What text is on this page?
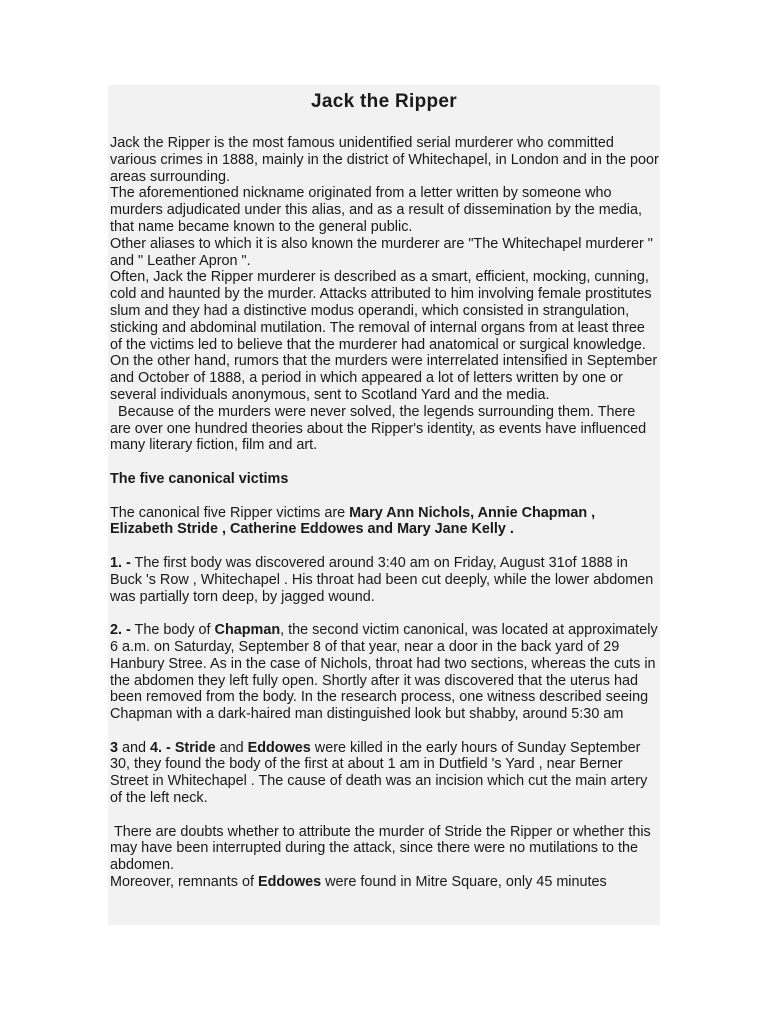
Jack the Ripper

Jack the Ripper is the most famous unidentified serial murderer who committed various crimes in 1888, mainly in the district of Whitechapel, in London and in the poor areas surrounding.

The aforementioned nickname originated from a letter written by someone who murders adjudicated under this alias, and as a result of dissemination by the media, that name became known to the general public.

Other aliases to which it is also known the murderer are "The Whitechapel murderer " and " Leather Apron ".

Often, Jack the Ripper murderer is described as a smart, efficient, mocking, cunning, cold and haunted by the murder. Attacks attributed to him involving female prostitutes slum and they had a distinctive modus operandi, which consisted in strangulation, sticking and abdominal mutilation. The removal of internal organs from at least three of the victims led to believe that the murderer had anatomical or surgical knowledge. On the other hand, rumors that the murders were interrelated intensified in September and October of 1888, a period in which appeared a lot of letters written by one or several individuals anonymous, sent to Scotland Yard and the media.

Because of the murders were never solved, the legends surrounding them. There are over one hundred theories about the Ripper's identity, as events have influenced many literary fiction, film and art.

The five canonical victims

The canonical five Ripper victims are Mary Ann Nichols, Annie Chapman , Elizabeth Stride , Catherine Eddowes and Mary Jane Kelly .

1. - The first body was discovered around 3:40 am on Friday, August 31of 1888 in Buck 's Row , Whitechapel . His throat had been cut deeply, while the lower abdomen was partially torn deep, by jagged wound.

2. - The body of Chapman, the second victim canonical, was located at approximately 6 a.m. on Saturday, September 8 of that year, near a door in the back yard of 29 Hanbury Stree. As in the case of Nichols, throat had two sections, whereas the cuts in the abdomen they left fully open. Shortly after it was discovered that the uterus had been removed from the body. In the research process, one witness described seeing Chapman with a dark-haired man distinguished look but shabby, around 5:30 am

3 and 4. - Stride and Eddowes were killed in the early hours of Sunday September 30, they found the body of the first at about 1 am in Dutfield 's Yard , near Berner Street in Whitechapel . The cause of death was an incision which cut the main artery of the left neck.

There are doubts whether to attribute the murder of Stride the Ripper or whether this may have been interrupted during the attack, since there were no mutilations to the abdomen.

Moreover, remnants of Eddowes were found in Mitre Square, only 45 minutes
